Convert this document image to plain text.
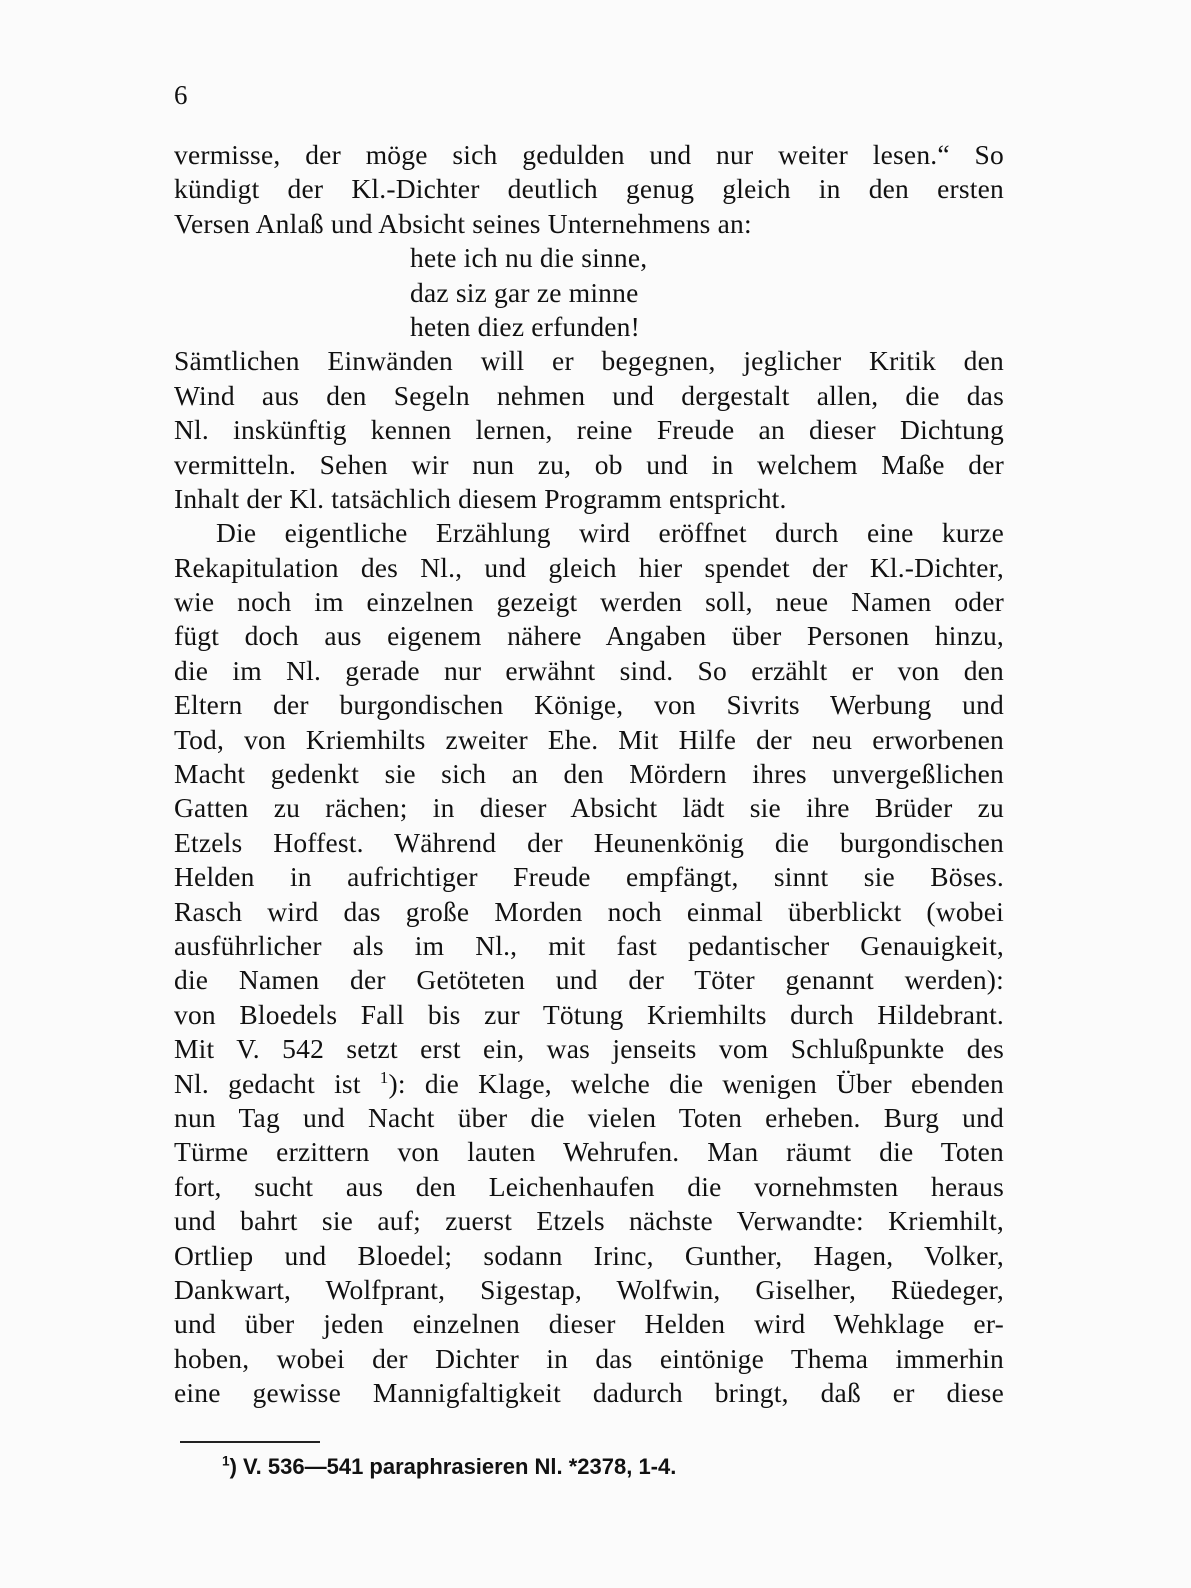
6
vermisse, der möge sich gedulden und nur weiter lesen.“ So
kündigt der Kl.-Dichter deutlich genug gleich in den ersten
Versen Anlaß und Absicht seines Unternehmens an:
hete ich nu die sinne,
daz siz gar ze minne
heten diez erfunden!
Sämtlichen Einwänden will er begegnen, jeglicher Kritik den
Wind aus den Segeln nehmen und dergestalt allen, die das
Nl. inskünftig kennen lernen, reine Freude an dieser Dichtung
vermitteln. Sehen wir nun zu, ob und in welchem Maße der
Inhalt der Kl. tatsächlich diesem Programm entspricht.
Die eigentliche Erzählung wird eröffnet durch eine kurze
Rekapitulation des Nl., und gleich hier spendet der Kl.-Dichter,
wie noch im einzelnen gezeigt werden soll, neue Namen oder
fügt doch aus eigenem nähere Angaben über Personen hinzu,
die im Nl. gerade nur erwähnt sind. So erzählt er von den
Eltern der burgondischen Könige, von Sivrits Werbung und
Tod, von Kriemhilts zweiter Ehe. Mit Hilfe der neu erworbenen
Macht gedenkt sie sich an den Mördern ihres unvergeßlichen
Gatten zu rächen; in dieser Absicht lädt sie ihre Brüder zu
Etzels Hoffest. Während der Heunenkönig die burgondischen
Helden in aufrichtiger Freude empfängt, sinnt sie Böses.
Rasch wird das große Morden noch einmal überblickt (wobei
ausführlicher als im Nl., mit fast pedantischer Genauigkeit,
die Namen der Getöteten und der Töter genannt werden):
von Bloedels Fall bis zur Tötung Kriemhilts durch Hildebrant.
Mit V. 542 setzt erst ein, was jenseits vom Schlußpunkte des
Nl. gedacht ist $^1$): die Klage, welche die wenigen Über ebenden
nun Tag und Nacht über die vielen Toten erheben. Burg und
Türme erzittern von lauten Wehrufen. Man räumt die Toten
fort, sucht aus den Leichenhaufen die vornehmsten heraus
und bahrt sie auf; zuerst Etzels nächste Verwandte: Kriemhilt,
Ortliep und Bloedel; sodann Irinc, Gunther, Hagen, Volker,
Dankwart, Wolfprant, Sigestap, Wolfwin, Giselher, Rüedeger,
und über jeden einzelnen dieser Helden wird Wehklage er-
hoben, wobei der Dichter in das eintönige Thema immerhin
eine gewisse Mannigfaltigkeit dadurch bringt, daß er diese
$^1$) V. 536—541 paraphrasieren Nl. *2378, 1-4.
